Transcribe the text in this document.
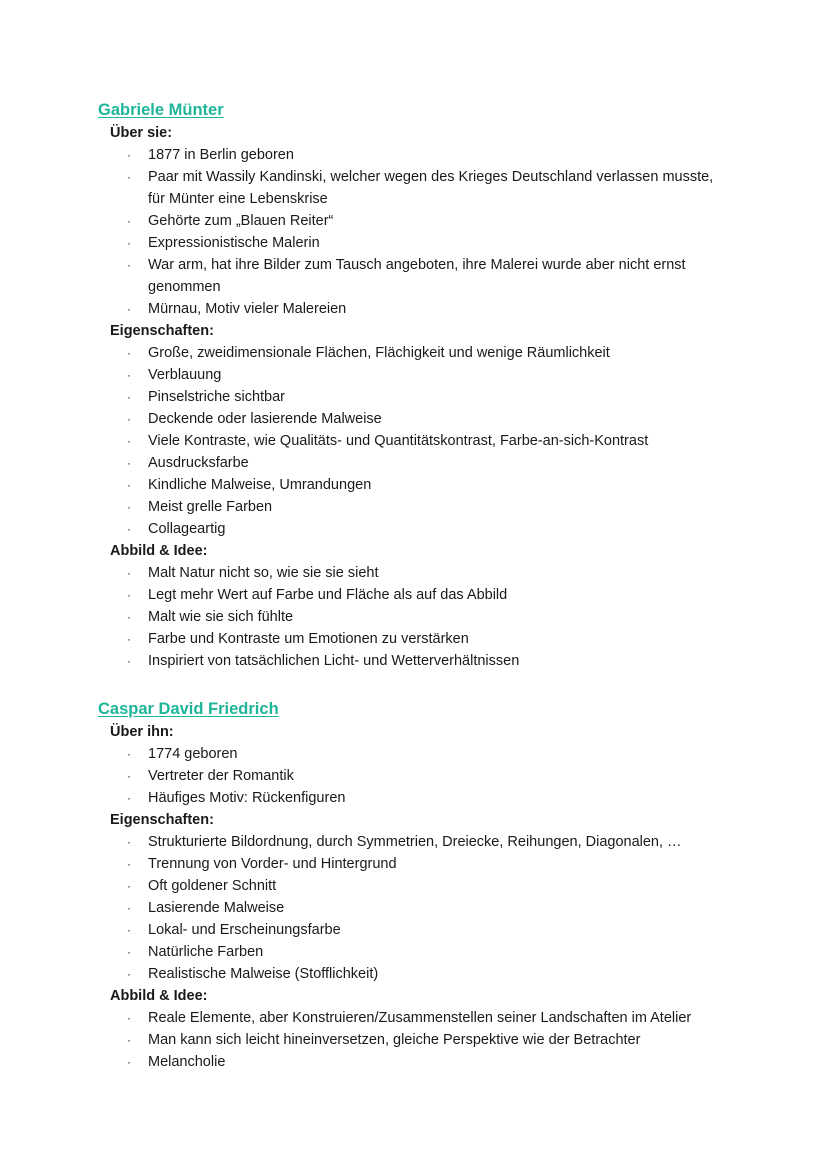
Gabriele Münter
Über sie:
· 1877 in Berlin geboren
· Paar mit Wassily Kandinski, welcher wegen des Krieges Deutschland verlassen musste, für Münter eine Lebenskrise
· Gehörte zum „Blauen Reiter“
· Expressionistische Malerin
· War arm, hat ihre Bilder zum Tausch angeboten, ihre Malerei wurde aber nicht ernst genommen
· Mürnau, Motiv vieler Malereien
Eigenschaften:
· Große, zweidimensionale Flächen, Flächigkeit und wenige Räumlichkeit
· Verblauung
· Pinselstriche sichtbar
· Deckende oder lasierende Malweise
· Viele Kontraste, wie Qualitäts- und Quantitätskontrast, Farbe-an-sich-Kontrast
· Ausdrucksfarbe
· Kindliche Malweise, Umrandungen
· Meist grelle Farben
· Collageartig
Abbild & Idee:
· Malt Natur nicht so, wie sie sie sieht
· Legt mehr Wert auf Farbe und Fläche als auf das Abbild
· Malt wie sie sich fühlte
· Farbe und Kontraste um Emotionen zu verstärken
· Inspiriert von tatsächlichen Licht- und Wetterverhältnissen
Caspar David Friedrich
Über ihn:
· 1774 geboren
· Vertreter der Romantik
· Häufiges Motiv: Rückenfiguren
Eigenschaften:
· Strukturierte Bildordnung, durch Symmetrien, Dreiecke, Reihungen, Diagonalen, …
· Trennung von Vorder- und Hintergrund
· Oft goldener Schnitt
· Lasierende Malweise
· Lokal- und Erscheinungsfarbe
· Natürliche Farben
· Realistische Malweise (Stofflichkeit)
Abbild & Idee:
· Reale Elemente, aber Konstruieren/Zusammenstellen seiner Landschaften im Atelier
· Man kann sich leicht hineinversetzen, gleiche Perspektive wie der Betrachter
· Melancholie
